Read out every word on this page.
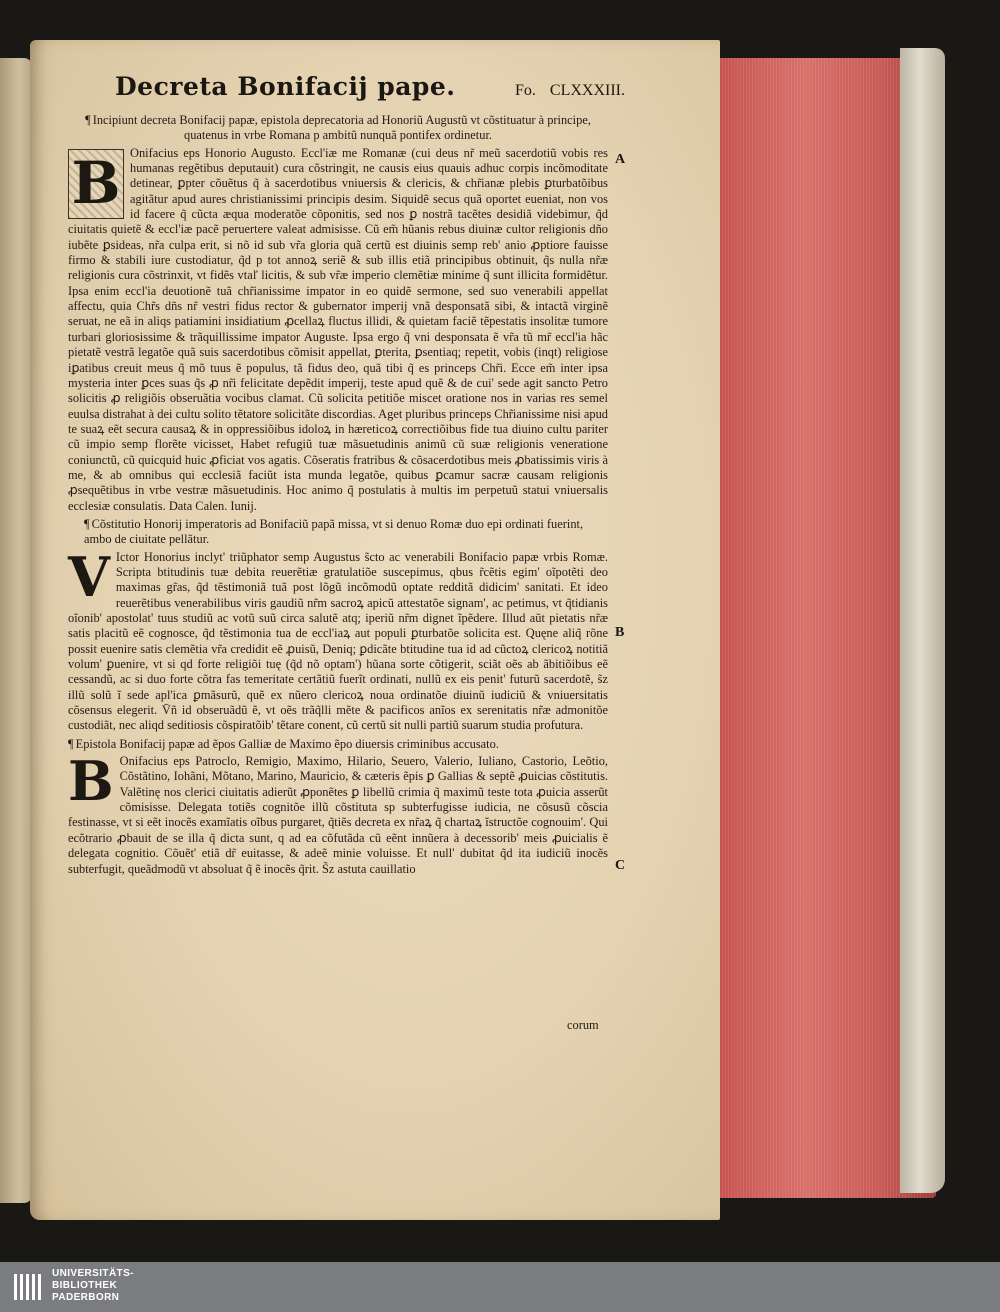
Decreta Bonifacij pape.	Fo. CLXXXIII.

¶ Incipiunt decreta Bonifacij papæ, epistola deprecatoria ad Honoriũ Augustũ vt cõstituatur à principe, quatenus in vrbe Romana p ambitũ nunquã pontifex ordinetur.

B Onifacius eps Honorio Augusto. Eccl'iæ me Romanæ (cui deus nr̃ meũ sacerdotiũ vobis res humanas regẽtibus deputauit) cura cõstringit, ne causis eius quauis adhuc corpis incõmoditate detinear, ꝑpter cõuẽtus q̃ à sacerdotibus vniuersis & clericis, & chr̃ianæ plebis ꝑturbatõibus agitãtur apud aures christianissimi principis desim. Siquidẽ secus quã oportet eueniat, non vos id facere q̃ cũcta æqua moderatõe cõponitis, sed nos ꝑ nostrã tacẽtes desidiã videbimur, q̃d ciuitatis quietẽ & eccl'iæ pacẽ peruertere valeat admisisse. Cũ em̃ hũanis rebus diuinæ cultor religionis dño iubẽte ꝑsideas, nr̃a culpa erit, si nõ id sub vr̃a gloria quã certũ est diuinis semp reb' anio ꝓptiore fauisse firmo & stabili iure custodiatur, q̃d p tot annoꝝ seriẽ & sub illis etiã principibus obtinuit, q̃s nulla nr̃æ religionis cura cõstrinxit, vt fidẽs vtaľ licitis, & sub vr̃æ imperio clemẽtiæ minime q̃ sunt illicita formidẽtur. Ipsa enim eccl'ia deuotionẽ tuã chr̃ianissime impator in eo quidẽ sermone, sed suo venerabili appellat affectu, quia Chr̃s dñs nr̃ vestri fidus rector & gubernator imperij vnã desponsatã sibi, & intactã virginẽ seruat, ne eã in aliqs patiamini insidiatium ꝓcellaꝝ fluctus illidi, & quietam faciẽ tẽpestatis insolitæ tumore turbari gloriosissime & trãquillissime impator Auguste. Ipsa ergo q̃ vni desponsata ẽ vr̃a tũ mr̃ eccl'ia hãc pietatẽ vestrã legatõe quã suis sacerdotibus cõmisit appellat, ꝑterita, ꝑsentiaq; repetit, vobis (inqt) religiose iꝑatibus creuit meus q̃ mõ tuus ẽ populus, tã fidus deo, quã tibi q̃ es princeps Chr̃i. Ecce em̃ inter ipsa mysteria inter ꝑces suas q̃s ꝓ nr̃i felicitate depẽdit imperij, teste apud quẽ & de cui' sede agit sancto Petro solicitis ꝓ religiõis obseruãtia vocibus clamat. Cũ solicita petitiõe miscet oratione nos in varias res semel euulsa distrahat à dei cultu solito tẽtatore solicitãte discordias. Aget pluribus princeps Chr̃ianissime nisi apud te suaꝝ eẽt secura causaꝝ & in oppressiõibus idoloꝝ in hæreticoꝝ correctiõibus fide tua diuino cultu pariter cũ impio semp florẽte vicisset, Habet refugiũ tuæ mãsuetudinis animũ cũ suæ religionis veneratione coniunctũ, cũ quicquid huic ꝓficiat vos agatis. Cõseratis fratribus & cõsacerdotibus meis ꝓbatissimis viris à me, & ab omnibus qui ecclesiã faciũt ista munda legatõe, quibus ꝑcamur sacræ causam religionis ꝓsequẽtibus in vrbe vestræ mãsuetudinis. Hoc animo q̃ postulatis à multis im perpetuũ statui vniuersalis ecclesiæ consulatis. Data Calen. Iunij.

¶ Cõstitutio Honorij imperatoris ad Bonifaciũ papã missa, vt si denuo Romæ duo epi ordinati fuerint, ambo de ciuitate pellãtur.

V Ictor Honorius inclyt' triũphator semp Augustus s̃cto ac venerabili Bonifacio papæ vrbis Romæ. Scripta btitudinis tuæ debita reuerẽtiæ gratulatiõe suscepimus, qbus r̃cẽtis egim' oĩpotẽti deo maximas gr̃as, q̃d tẽstimoniã tuã post lõgũ incõmodũ optate redditã didicim' sanitati. Et ideo reuerẽtibus venerabilibus viris gaudiũ nr̃m sacroꝝ apicũ attestatõe signam', ac petimus, vt q̃tidianis oĩonib' apostolat' tuus studiũ ac votũ suũ circa salutẽ atq; iperiũ nr̃m dignet ĩpẽdere. Illud aũt pietatis nr̃æ satis placitũ eẽ cognosce, q̃d tẽstimonia tua de eccl'iaꝝ aut populi ꝑturbatõe solicita est. Quęne aliq̃ rõne possit euenire satis clemẽtia vr̃a credidit eẽ ꝓuisũ, Deniq; ꝑdicãte btitudine tua id ad cũctoꝝ clericoꝝ notitiã volum' ꝑuenire, vt si qd forte religiõi tuę (q̃d nõ optam') hũana sorte cõtigerit, sciãt oẽs ab ãbitiõibus eẽ cessandũ, ac si duo forte cõtra fas temeritate certãtiũ fuerĩt ordinati, nullũ ex eis penit' futurũ sacerdotẽ, s̃z illũ solũ ĩ sede apl'ica ꝑmãsurũ, quẽ ex nũero clericoꝝ noua ordinatõe diuinũ iudiciũ & vniuersitatis cõsensus elegerit. V̄ñ id obseruãdũ ẽ, vt oẽs trãq̃lli mẽte & pacificos anĩos ex serenitatis nr̃æ admonitõe custodiãt, nec aliqd seditiosis cõspiratõib' tẽtare conent, cũ certũ sit nulli partiũ suarum studia profutura.

¶ Epistola Bonifacij papæ ad ẽpos Galliæ de Maximo ẽpo diuersis criminibus accusato.

B Onifacius eps Patroclo, Remigio, Maximo, Hilario, Seuero, Valerio, Iuliano, Castorio, Leõtio, Cõstãtino, Iohãni, Mõtano, Marino, Mauricio, & cæteris ẽpis ꝑ Gallias & septẽ ꝓuicias cõstitutis. Valẽtinę nos clerici ciuitatis adierũt ꝓponẽtes ꝑ libellũ crimia q̃ maximũ teste tota ꝓuicia asserũt cõmisisse. Delegata totiẽs cognitõe illũ cõstituta sp subterfugisse iudicia, ne cõsusũ cõscia festinasse, vt si eẽt inocẽs examĩatis oĩbus purgaret, q̃tiẽs decreta ex nr̃aꝝ q̃ chartaꝝ ĩstructõe cognouim'. Qui ecõtrario ꝓbauit de se illa q̃ dicta sunt, q ad ea cõfutãda cũ eẽnt innũera à decessorib' meis ꝓuicialis ẽ delegata cognitio. Cõuẽt' etiã dr̃ euitasse, & adeẽ minie voluisse. Et null' dubitat q̃d ita iudiciũ inocẽs subterfugit, queãdmodũ vt absoluat q̃ ẽ inocẽs q̃rit. S̃z astuta cauillatio
A
B
C
corum
UNIVERSITÄTS-
BIBLIOTHEK
PADERBORN
